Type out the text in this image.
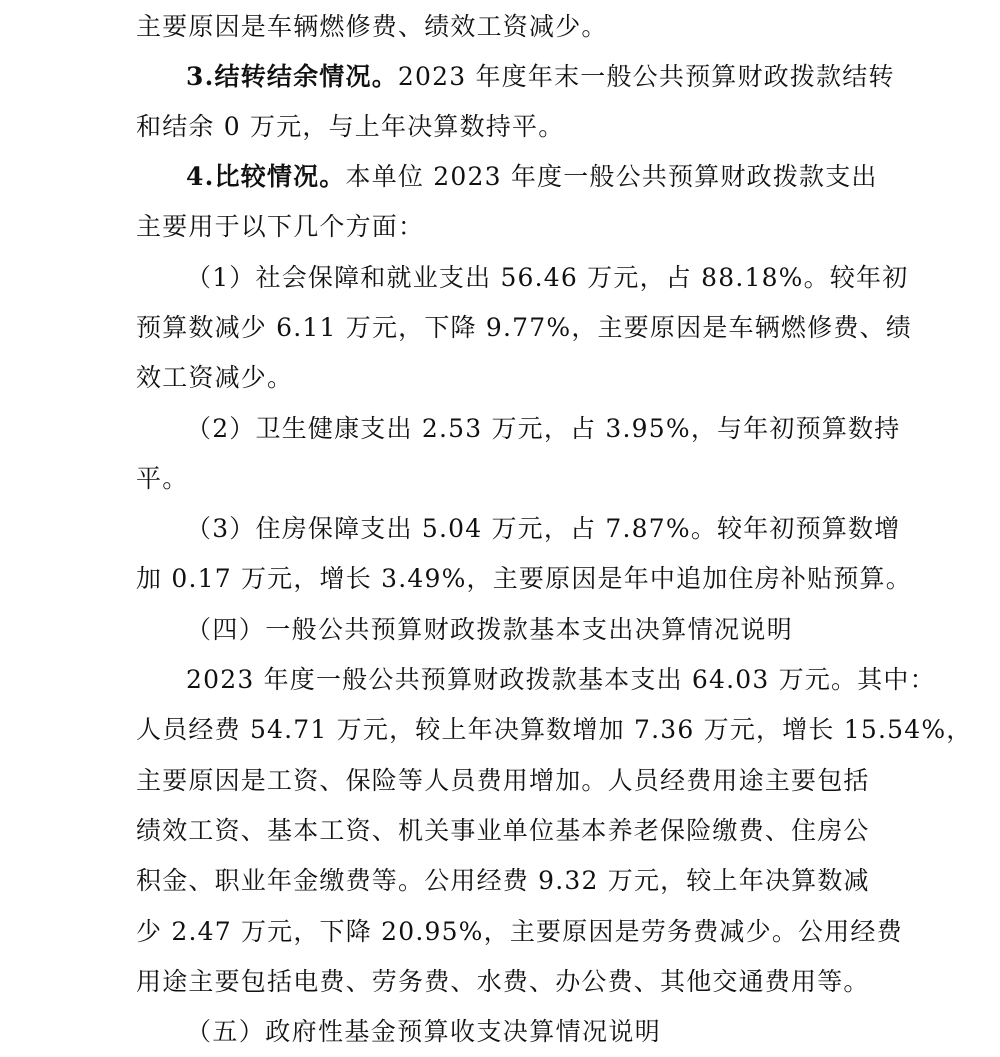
主要原因是车辆燃修费、绩效工资减少。
3.结转结余情况。2023 年度年末一般公共预算财政拨款结转
和结余 0 万元，与上年决算数持平。
4.比较情况。本单位 2023 年度一般公共预算财政拨款支出
主要用于以下几个方面：
（1）社会保障和就业支出 56.46 万元，占 88.18%。较年初
预算数减少 6.11 万元，下降 9.77%，主要原因是车辆燃修费、绩
效工资减少。
（2）卫生健康支出 2.53 万元，占 3.95%，与年初预算数持
平。
（3）住房保障支出 5.04 万元，占 7.87%。较年初预算数增
加 0.17 万元，增长 3.49%，主要原因是年中追加住房补贴预算。
（四）一般公共预算财政拨款基本支出决算情况说明
2023 年度一般公共预算财政拨款基本支出 64.03 万元。其中：
人员经费 54.71 万元，较上年决算数增加 7.36 万元，增长 15.54%，
主要原因是工资、保险等人员费用增加。人员经费用途主要包括
绩效工资、基本工资、机关事业单位基本养老保险缴费、住房公
积金、职业年金缴费等。公用经费 9.32 万元，较上年决算数减
少 2.47 万元，下降 20.95%，主要原因是劳务费减少。公用经费
用途主要包括电费、劳务费、水费、办公费、其他交通费用等。
（五）政府性基金预算收支决算情况说明
